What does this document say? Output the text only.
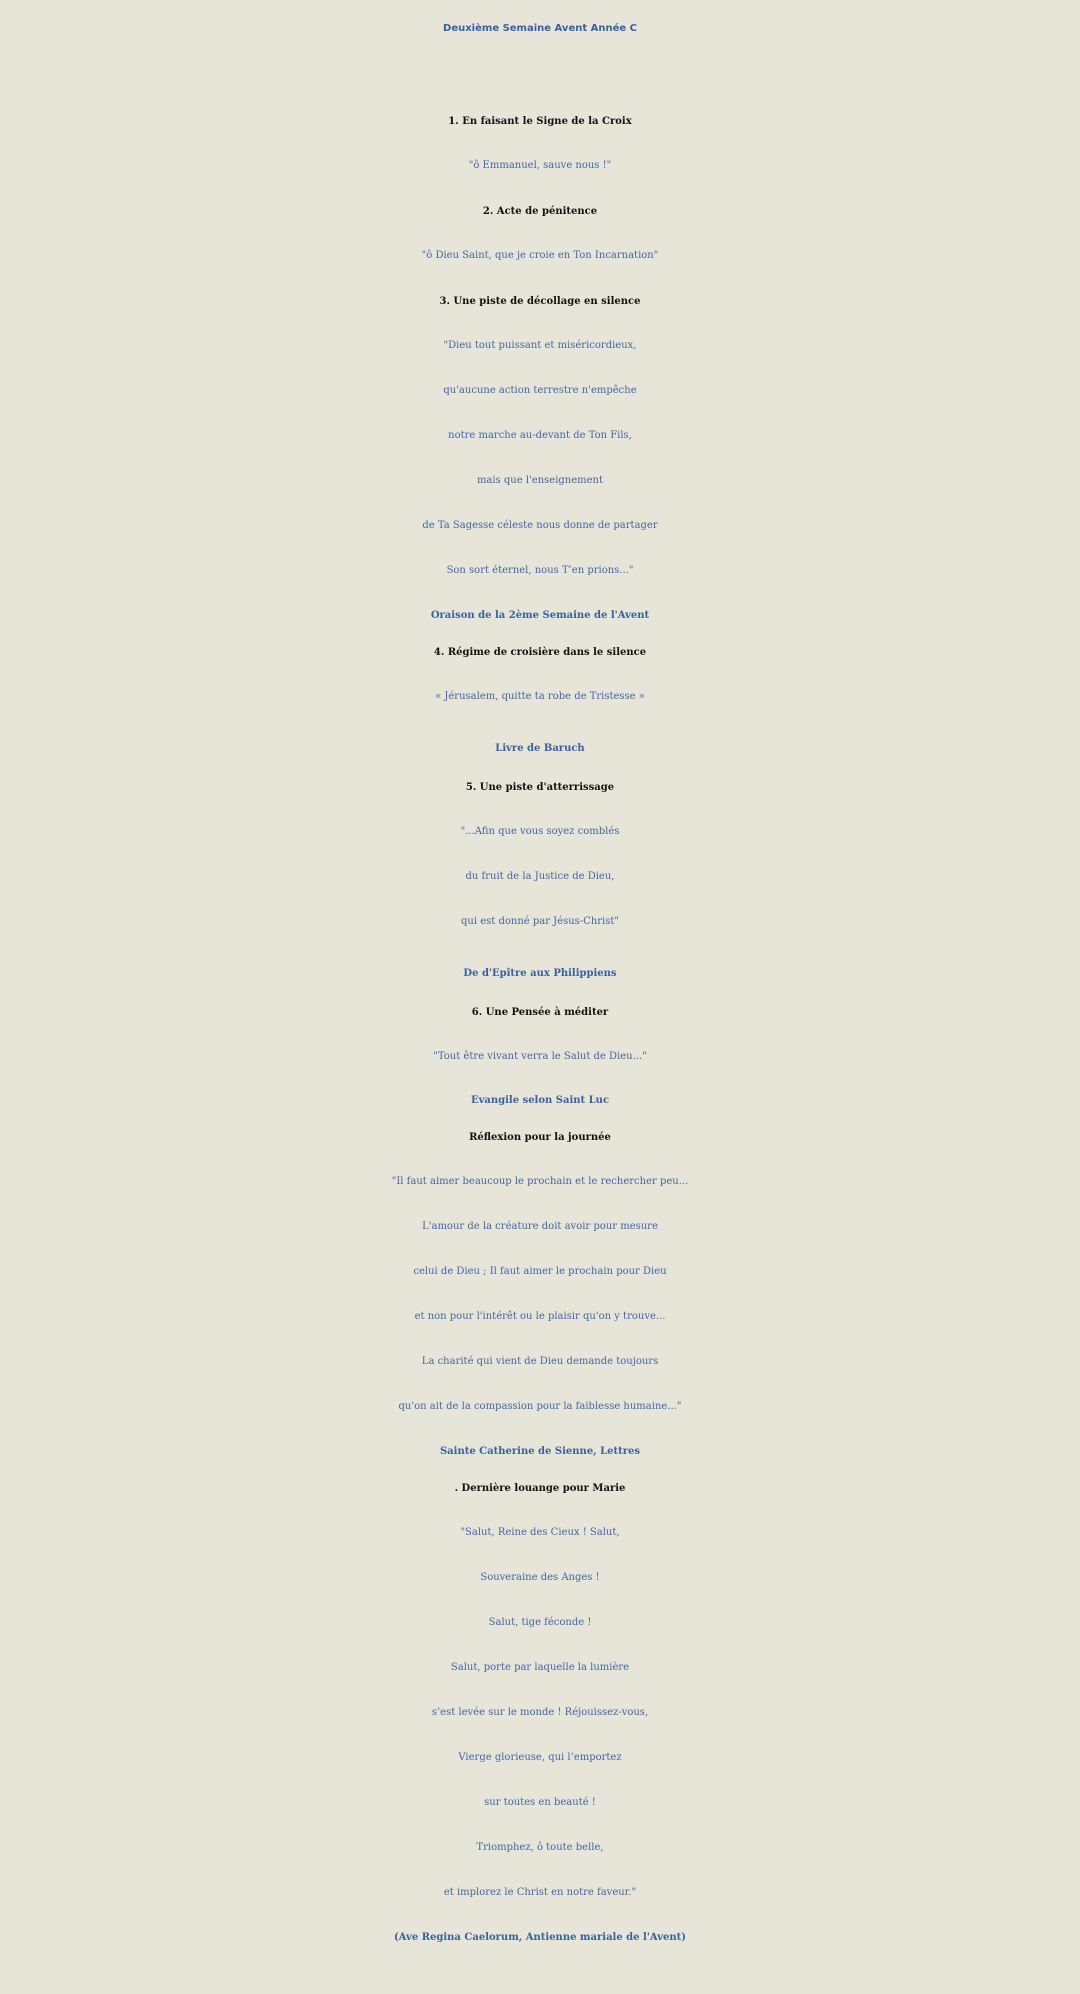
Deuxième Semaine Avent Année C
1. En faisant le Signe de la Croix
"ô Emmanuel, sauve nous !"
2. Acte de pénitence
"ô Dieu Saint, que je croie en Ton Incarnation"
3. Une piste de décollage en silence
"Dieu tout puissant et miséricordieux,
qu'aucune action terrestre n'empêche
notre marche au-devant de Ton Fils,
mais que l'enseignement
de Ta Sagesse céleste nous donne de partager
Son sort éternel, nous T’en prions..."
Oraison de la 2ème Semaine de l'Avent
4. Régime de croisière dans le silence
« Jérusalem, quitte ta robe de Tristesse »
Livre de Baruch
5. Une piste d'atterrissage
"...Afin que vous soyez comblés
du fruit de la Justice de Dieu,
qui est donné par Jésus-Christ"
De d'Epître aux Philippiens
6. Une Pensée à méditer
"Tout être vivant verra le Salut de Dieu..."
Evangile selon Saint Luc
Réflexion pour la journée
"Il faut aimer beaucoup le prochain et le rechercher peu...
L'amour de la créature doit avoir pour mesure
celui de Dieu ; Il faut aimer le prochain pour Dieu
et non pour l'intérêt ou le plaisir qu'on y trouve...
La charité qui vient de Dieu demande toujours
qu'on ait de la compassion pour la faiblesse humaine..."
Sainte Catherine de Sienne, Lettres
. Dernière louange pour Marie
"Salut, Reine des Cieux ! Salut,
Souveraine des Anges !
Salut, tige féconde !
Salut, porte par laquelle la lumière
s’est levée sur le monde ! Réjouissez-vous,
Vierge glorieuse, qui l’emportez
sur toutes en beauté !
Triomphez, ô toute belle,
et implorez le Christ en notre faveur."
(Ave Regina Caelorum, Antienne mariale de l'Avent)
